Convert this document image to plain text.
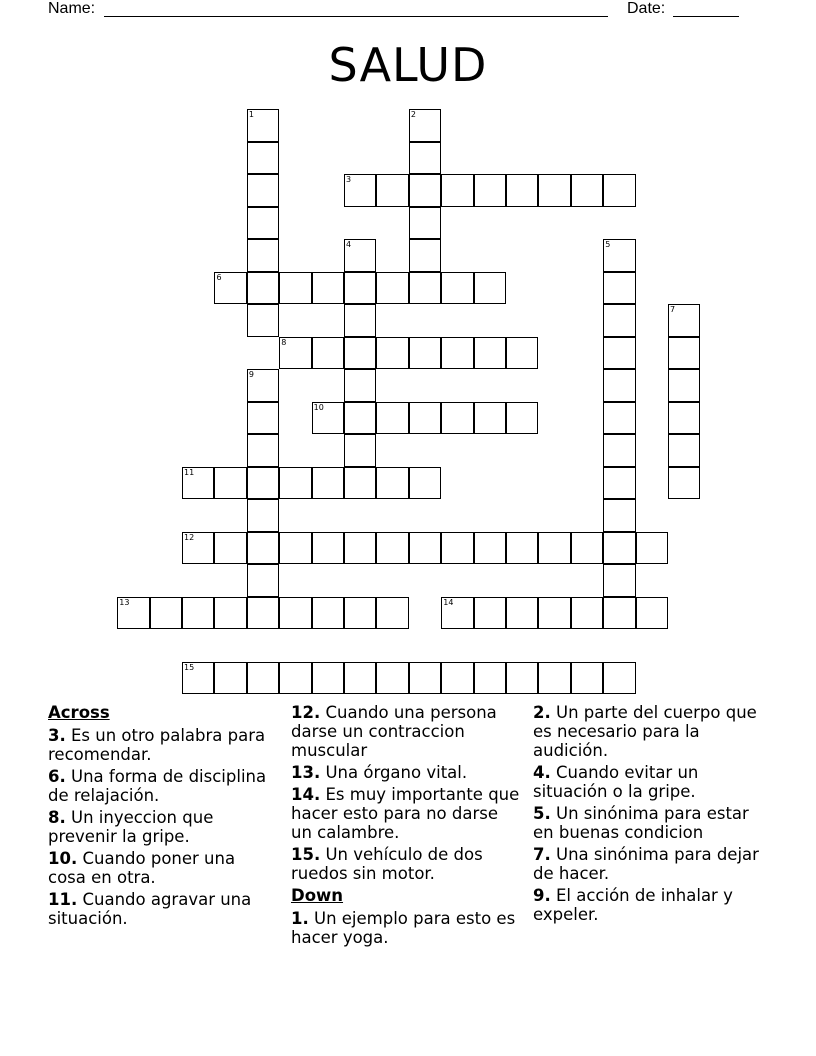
Name:	Date:
SALUD
1	2
3
4	5
6
7
8
9
10
11
12
13	14
15
Across
3. Es un otro palabra para recomendar.
6. Una forma de disciplina de relajación.
8. Un inyeccion que prevenir la gripe.
10. Cuando poner una cosa en otra.
11. Cuando agravar una situación.
12. Cuando una persona darse un contraccion muscular
13. Una órgano vital.
14. Es muy importante que hacer esto para no darse un calambre.
15. Un vehículo de dos ruedos sin motor.
Down
1. Un ejemplo para esto es hacer yoga.
2. Un parte del cuerpo que es necesario para la audición.
4. Cuando evitar un situación o la gripe.
5. Un sinónima para estar en buenas condicion
7. Una sinónima para dejar de hacer.
9. El acción de inhalar y expeler.
